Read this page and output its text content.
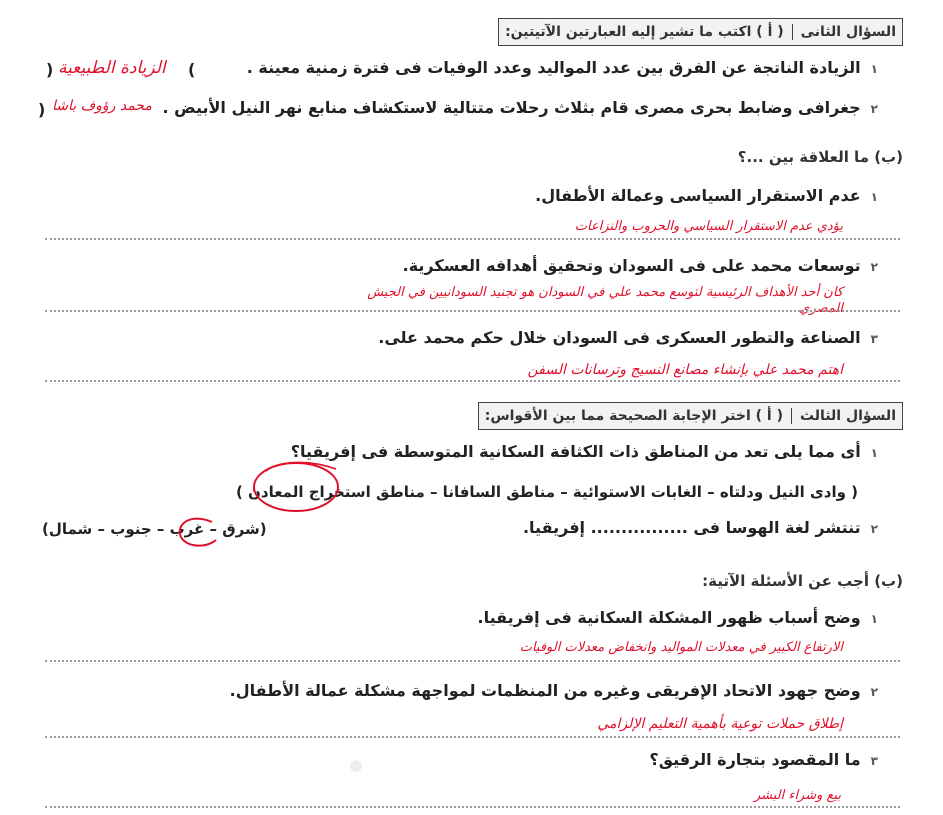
السؤال الثانى
( أ ) اكتب ما تشير إليه العبارتين الآتيتين:
١الزيادة الناتجة عن الفرق بين عدد المواليد وعدد الوفيات فى فترة زمنية معينة .
(
) الزيادة الطبيعية
٢جغرافى وضابط بحرى مصرى قام بثلاث رحلات متتالية لاستكشاف منابع نهر النيل الأبيض .
) محمد رؤوف باشا
(ب) ما العلاقة بين ...؟
١عدم الاستقرار السياسى وعمالة الأطفال.
يؤدي عدم الاستقرار السياسي والحروب والنزاعات
٢توسعات محمد على فى السودان وتحقيق أهدافه العسكرية.
كان أحد الأهداف الرئيسية لتوسع محمد علي في السودان هو تجنيد السودانيين في الجيش المصري
٣الصناعة والتطور العسكرى فى السودان خلال حكم محمد على.
اهتم محمد علي بإنشاء مصانع النسيج وترسانات السفن
السؤال الثالث
( أ ) اختر الإجابة الصحيحة مما بين الأقواس:
١أى مما يلى تعد من المناطق ذات الكثافة السكانية المتوسطة فى إفريقيا؟
( وادى النيل ودلتاه – الغابات الاستوائية – مناطق السافانا – مناطق استخراج المعادن )
٢تنتشر لغة الهوسا فى ................ إفريقيا.
(شرق – غرب – جنوب – شمال)
(ب) أجب عن الأسئلة الآتية:
١وضح أسباب ظهور المشكلة السكانية فى إفريقيا.
الارتفاع الكبير في معدلات المواليد وانخفاض معدلات الوفيات
٢وضح جهود الاتحاد الإفريقى وغيره من المنظمات لمواجهة مشكلة عمالة الأطفال.
إطلاق حملات توعية بأهمية التعليم الإلزامي
٣ما المقصود بتجارة الرقيق؟
بيع وشراء البشر
